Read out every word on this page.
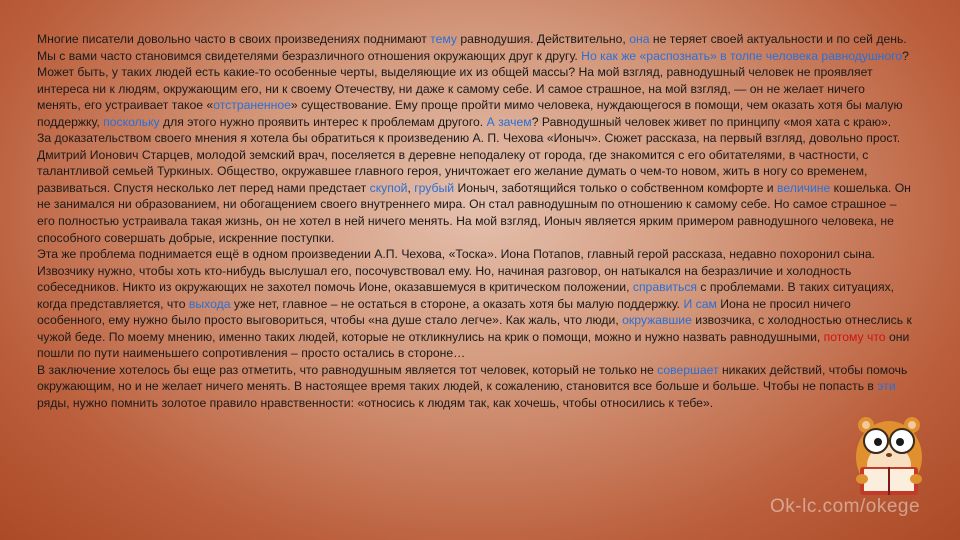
Многие писатели довольно часто в своих произведениях поднимают тему равнодушия. Действительно, она не теряет своей актуальности и по сей день. Мы с вами часто становимся свидетелями безразличного отношения окружающих друг к другу. Но как же «распознать» в толпе человека равнодушного? Может быть, у таких людей есть какие-то особенные черты, выделяющие их из общей массы? На мой взгляд, равнодушный человек не проявляет интереса ни к людям, окружающим его, ни к своему Отечеству, ни даже к самому себе. И самое страшное, на мой взгляд, — он не желает ничего менять, его устраивает такое «отстраненное» существование. Ему проще пройти мимо человека, нуждающегося в помощи, чем оказать хотя бы малую поддержку, поскольку для этого нужно проявить интерес к проблемам другого. А зачем? Равнодушный человек живет по принципу «моя хата с краю».

За доказательством своего мнения я хотела бы обратиться к произведению А. П. Чехова «Ионыч». Сюжет рассказа, на первый взгляд, довольно прост. Дмитрий Ионович Старцев, молодой земский врач, поселяется в деревне неподалеку от города, где знакомится с его обитателями, в частности, с талантливой семьей Туркиных. Общество, окружавшее главного героя, уничтожает его желание думать о чем-то новом, жить в ногу со временем, развиваться. Спустя несколько лет перед нами предстает скупой, грубый Ионыч, заботящийся только о собственном комфорте и величине кошелька. Он не занимался ни образованием, ни обогащением своего внутреннего мира. Он стал равнодушным по отношению к самому себе. Но самое страшное – его полностью устраивала такая жизнь, он не хотел в ней ничего менять. На мой взгляд, Ионыч является ярким примером равнодушного человека, не способного совершать добрые, искренние поступки.

Эта же проблема поднимается ещё в одном произведении А.П. Чехова, «Тоска». Иона Потапов, главный герой рассказа, недавно похоронил сына. Извозчику нужно, чтобы хоть кто-нибудь выслушал его, посочувствовал ему. Но, начиная разговор, он натыкался на безразличие и холодность собеседников. Никто из окружающих не захотел помочь Ионе, оказавшемуся в критическом положении, справиться с проблемами. В таких ситуациях, когда представляется, что выхода уже нет, главное – не остаться в стороне, а оказать хотя бы малую поддержку. И сам Иона не просил ничего особенного, ему нужно было просто выговориться, чтобы «на душе стало легче». Как жаль, что люди, окружавшие извозчика, с холодностью отнеслись к чужой беде. По моему мнению, именно таких людей, которые не откликнулись на крик о помощи, можно и нужно назвать равнодушными, потому что они пошли по пути наименьшего сопротивления – просто остались в стороне…

В заключение хотелось бы еще раз отметить, что равнодушным является тот человек, который не только не совершает никаких действий, чтобы помочь окружающим, но и не желает ничего менять. В настоящее время таких людей, к сожалению, становится все больше и больше. Чтобы не попасть в эти ряды, нужно помнить золотое правило нравственности: «относись к людям так, как хочешь, чтобы относились к тебе».

Ok-lc.com/okege
